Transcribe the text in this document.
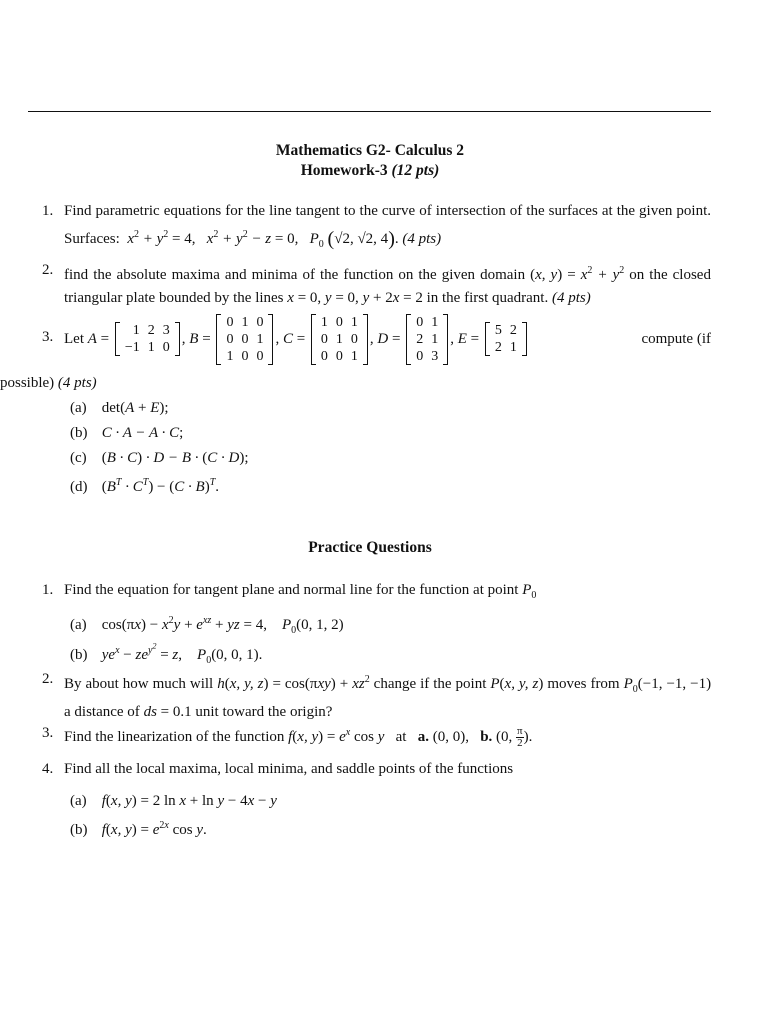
Mathematics G2- Calculus 2
Homework-3 (12 pts)
1. Find parametric equations for the line tangent to the curve of intersection of the surfaces at the given point. Surfaces: $x^2 + y^2 = 4$, $x^2 + y^2 - z = 0$, $P_0$ (√2, √2, 4). (4 pts)
2. find the absolute maxima and minima of the function on the given domain (x, $y) = x^2 + y^2$ on the closed triangular plate bounded by the lines x = 0, y = 0, y + 2x = 2 in the first quadrant. (4 pts)
3. Let A = 1	2	3
−1	1	0
, B =
0	1	0
0	0	1
1	0	0
, C =
1	0	1
0	1	0
0	0	1
, D =
0	1
2	1
0	3
, E = 5	2
2	1
compute (if
possible) (4 pts)
(a) det(A + E);
(b) C · A − A · C;
(c) (B · C) · D − B · (C · D);
(d) $(B^T \cdot C^T) - (C \cdot B)^T$.
Practice Questions
1. Find the equation for tangent plane and normal line for the function at point $P_0$
(a) $\cos(\pi x) - x^2y + e^{xz}$ + yz = 4,    $P_0(0$, 1, 2)
(b) $ye^x - ze^{y^2} = z$,    $P_0(0$, 0, 1).
2. By about how much will h(x, y, $z) = \cos(\pi xy) + xz^2$ change if the point P(x, y, z) moves from $P_0(-1$, −1, −1) a distance of ds = 0.1 unit toward the origin?
3. Find the linearization of the function f(x, $y) = e^x$ cos y at a. (0, 0), b. (0, $\frac{\pi}{2}$ ).
4. Find all the local maxima, local minima, and saddle points of the functions
(a) f(x, y) = 2 ln x + ln y − 4x − y
(b) f(x, $y) = e^{2x}$ cos y.
